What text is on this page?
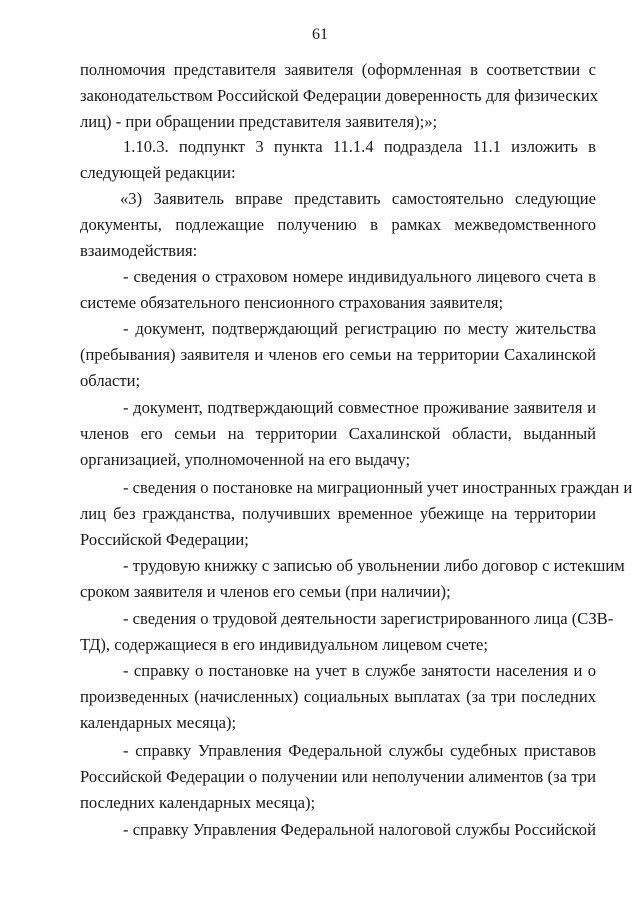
61
полномочия представителя заявителя (оформленная в соответствии с
законодательством Российской Федерации доверенность для физических
лиц) - при обращении представителя заявителя);»;
1.10.3. подпункт 3 пункта 11.1.4 подраздела 11.1 изложить в
следующей редакции:
«3) Заявитель вправе представить самостоятельно следующие
документы, подлежащие получению в рамках межведомственного
взаимодействия:
- сведения о страховом номере индивидуального лицевого счета в
системе обязательного пенсионного страхования заявителя;
- документ, подтверждающий регистрацию по месту жительства
(пребывания) заявителя и членов его семьи на территории Сахалинской
области;
- документ, подтверждающий совместное проживание заявителя и
членов его семьи на территории Сахалинской области, выданный
организацией, уполномоченной на его выдачу;
- сведения о постановке на миграционный учет иностранных граждан и
лиц без гражданства, получивших временное убежище на территории
Российской Федерации;
- трудовую книжку с записью об увольнении либо договор с истекшим
сроком заявителя и членов его семьи (при наличии);
- сведения о трудовой деятельности зарегистрированного лица (СЗВ-
ТД), содержащиеся в его индивидуальном лицевом счете;
- справку о постановке на учет в службе занятости населения и о
произведенных (начисленных) социальных выплатах (за три последних
календарных месяца);
- справку Управления Федеральной службы судебных приставов
Российской Федерации о получении или неполучении алиментов (за три
последних календарных месяца);
- справку Управления Федеральной налоговой службы Российской
